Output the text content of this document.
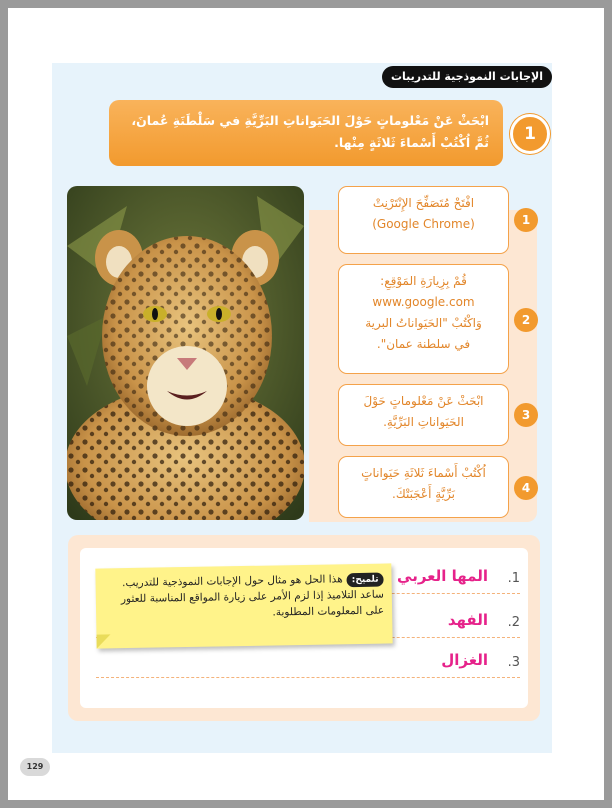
الإجابات النموذجية للتدريبات
1
ابْحَثْ عَنْ مَعْلوماتٍ حَوْلَ الحَيَواناتِ البَرِّيَّةِ في سَلْطَنَةِ عُمانَ، ثُمَّ اُكْتُبْ أَسْماءَ ثَلاثَةٍ مِنْها.
افْتَحْ مُتَصَفِّحَ الإِنْتَرْنِتْ
(Google Chrome)	1
قُمْ بِزِيارَةِ المَوْقِعِ:
www.google.com
وَاكْتُبْ "الحَيَواناتُ البرية
في سلطنة عمان".
2
ابْحَثْ عَنْ مَعْلوماتٍ حَوْلَ
الحَيَواناتِ البَرِّيَّةِ.	3
اُكْتُبْ أَسْماءَ ثَلاثَةِ حَيَواناتٍ
بَرِّيَّةٍ أَعْجَبَتْكَ.	4
.1
المها العربي
.2
الفهد
.3
الغزال
تلميح:هذا الحل هو مثال حول الإجابات النموذجية للتدريب.
ساعد التلاميذ إذا لزم الأمر على زيارة المواقع المناسبة للعثور
على المعلومات المطلوبة.
129
